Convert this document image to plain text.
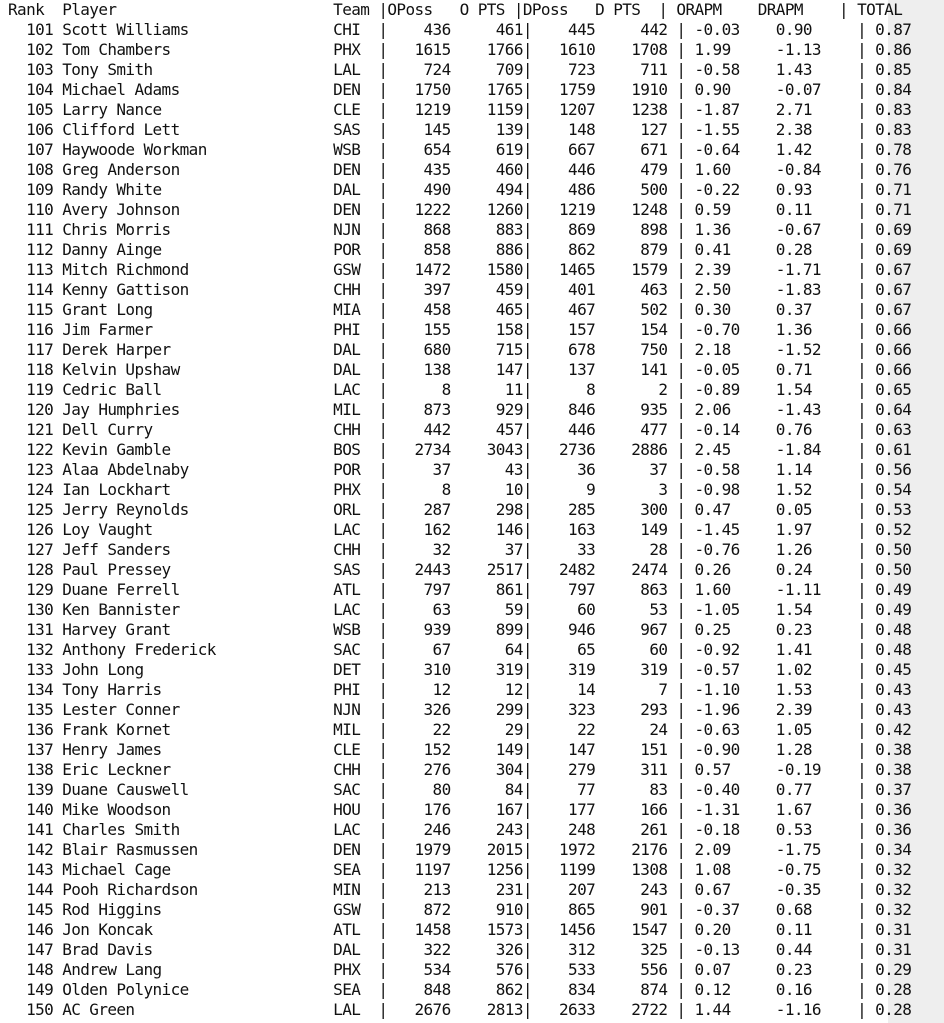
Rank  Player                        Team |OPoss   O PTS |DPoss   D PTS  | ORAPM    DRAPM    | TOTAL
101 Scott Williams                CHI  |    436     461|    445     442 | -0.03    0.90     | 0.87
102 Tom Chambers                  PHX  |   1615    1766|   1610    1708 | 1.99     -1.13    | 0.86
103 Tony Smith                    LAL  |    724     709|    723     711 | -0.58    1.43     | 0.85
104 Michael Adams                 DEN  |   1750    1765|   1759    1910 | 0.90     -0.07    | 0.84
105 Larry Nance                   CLE  |   1219    1159|   1207    1238 | -1.87    2.71     | 0.83
106 Clifford Lett                 SAS  |    145     139|    148     127 | -1.55    2.38     | 0.83
107 Haywoode Workman              WSB  |    654     619|    667     671 | -0.64    1.42     | 0.78
108 Greg Anderson                 DEN  |    435     460|    446     479 | 1.60     -0.84    | 0.76
109 Randy White                   DAL  |    490     494|    486     500 | -0.22    0.93     | 0.71
110 Avery Johnson                 DEN  |   1222    1260|   1219    1248 | 0.59     0.11     | 0.71
111 Chris Morris                  NJN  |    868     883|    869     898 | 1.36     -0.67    | 0.69
112 Danny Ainge                   POR  |    858     886|    862     879 | 0.41     0.28     | 0.69
113 Mitch Richmond                GSW  |   1472    1580|   1465    1579 | 2.39     -1.71    | 0.67
114 Kenny Gattison                CHH  |    397     459|    401     463 | 2.50     -1.83    | 0.67
115 Grant Long                    MIA  |    458     465|    467     502 | 0.30     0.37     | 0.67
116 Jim Farmer                    PHI  |    155     158|    157     154 | -0.70    1.36     | 0.66
117 Derek Harper                  DAL  |    680     715|    678     750 | 2.18     -1.52    | 0.66
118 Kelvin Upshaw                 DAL  |    138     147|    137     141 | -0.05    0.71     | 0.66
119 Cedric Ball                   LAC  |      8      11|      8       2 | -0.89    1.54     | 0.65
120 Jay Humphries                 MIL  |    873     929|    846     935 | 2.06     -1.43    | 0.64
121 Dell Curry                    CHH  |    442     457|    446     477 | -0.14    0.76     | 0.63
122 Kevin Gamble                  BOS  |   2734    3043|   2736    2886 | 2.45     -1.84    | 0.61
123 Alaa Abdelnaby                POR  |     37      43|     36      37 | -0.58    1.14     | 0.56
124 Ian Lockhart                  PHX  |      8      10|      9       3 | -0.98    1.52     | 0.54
125 Jerry Reynolds                ORL  |    287     298|    285     300 | 0.47     0.05     | 0.53
126 Loy Vaught                    LAC  |    162     146|    163     149 | -1.45    1.97     | 0.52
127 Jeff Sanders                  CHH  |     32      37|     33      28 | -0.76    1.26     | 0.50
128 Paul Pressey                  SAS  |   2443    2517|   2482    2474 | 0.26     0.24     | 0.50
129 Duane Ferrell                 ATL  |    797     861|    797     863 | 1.60     -1.11    | 0.49
130 Ken Bannister                 LAC  |     63      59|     60      53 | -1.05    1.54     | 0.49
131 Harvey Grant                  WSB  |    939     899|    946     967 | 0.25     0.23     | 0.48
132 Anthony Frederick             SAC  |     67      64|     65      60 | -0.92    1.41     | 0.48
133 John Long                     DET  |    310     319|    319     319 | -0.57    1.02     | 0.45
134 Tony Harris                   PHI  |     12      12|     14       7 | -1.10    1.53     | 0.43
135 Lester Conner                 NJN  |    326     299|    323     293 | -1.96    2.39     | 0.43
136 Frank Kornet                  MIL  |     22      29|     22      24 | -0.63    1.05     | 0.42
137 Henry James                   CLE  |    152     149|    147     151 | -0.90    1.28     | 0.38
138 Eric Leckner                  CHH  |    276     304|    279     311 | 0.57     -0.19    | 0.38
139 Duane Causwell                SAC  |     80      84|     77      83 | -0.40    0.77     | 0.37
140 Mike Woodson                  HOU  |    176     167|    177     166 | -1.31    1.67     | 0.36
141 Charles Smith                 LAC  |    246     243|    248     261 | -0.18    0.53     | 0.36
142 Blair Rasmussen               DEN  |   1979    2015|   1972    2176 | 2.09     -1.75    | 0.34
143 Michael Cage                  SEA  |   1197    1256|   1199    1308 | 1.08     -0.75    | 0.32
144 Pooh Richardson               MIN  |    213     231|    207     243 | 0.67     -0.35    | 0.32
145 Rod Higgins                   GSW  |    872     910|    865     901 | -0.37    0.68     | 0.32
146 Jon Koncak                    ATL  |   1458    1573|   1456    1547 | 0.20     0.11     | 0.31
147 Brad Davis                    DAL  |    322     326|    312     325 | -0.13    0.44     | 0.31
148 Andrew Lang                   PHX  |    534     576|    533     556 | 0.07     0.23     | 0.29
149 Olden Polynice                SEA  |    848     862|    834     874 | 0.12     0.16     | 0.28
150 AC Green                      LAL  |   2676    2813|   2633    2722 | 1.44     -1.16    | 0.28
